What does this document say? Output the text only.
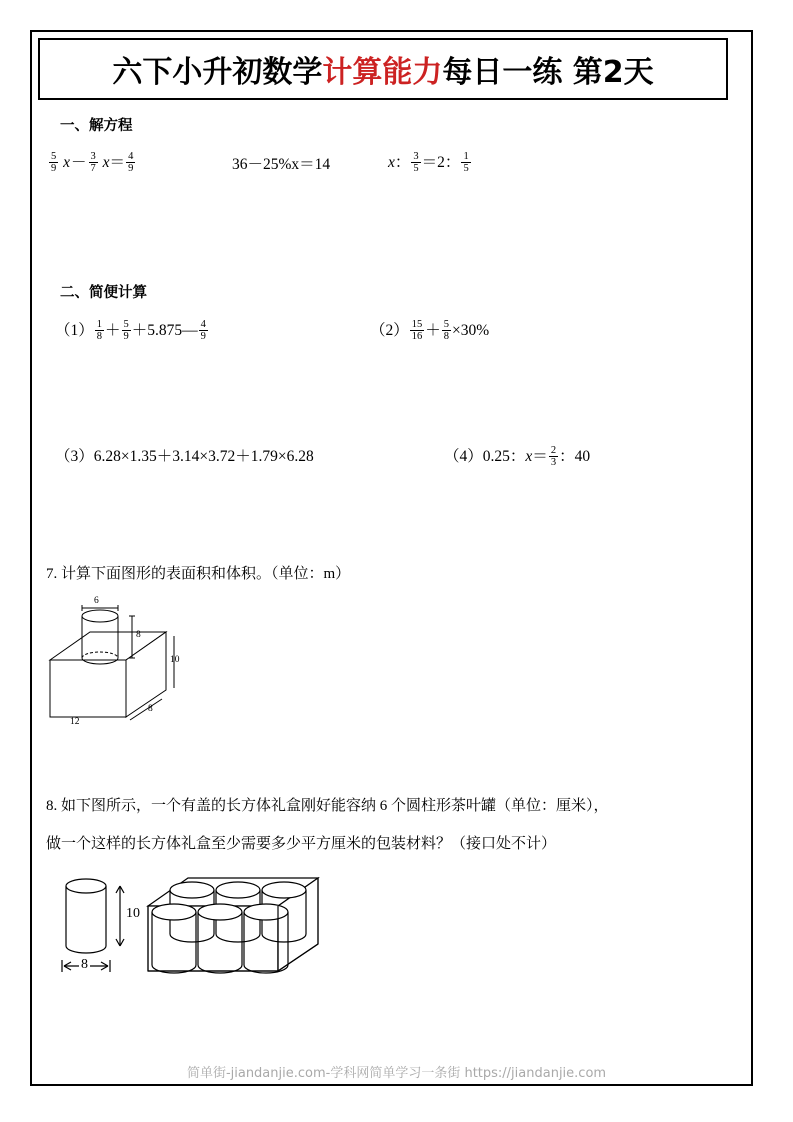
六下小升初数学计算能力每日一练 第2天
一、解方程
$\frac{5}{9} x- \frac{3}{7} x= \frac{4}{9}$	36－25%x＝14	x： $\frac{3}{5} =2$： $\frac{1}{5}$
二、简便计算
$(1) \frac{1}{8} + \frac{5}{9}$ ＋5.875— $\frac{4}{9}$	$(2) \frac{15}{16} + \frac{5}{8} \times 30\%$
（3）6.28×1.35＋3.14×3.72＋1.79×6.28	（4）0.25：$x= \frac{2}{3}$ ：40
7. 计算下面图形的表面积和体积。（单位：m）
6
8
10
8
12
8. 如下图所示，一个有盖的长方体礼盒刚好能容纳 6 个圆柱形茶叶罐（单位：厘米），
做一个这样的长方体礼盒至少需要多少平方厘米的包装材料？（接口处不计）
10
8
简单街-jiandanjie.com-学科网简单学习一条街 https://jiandanjie.com
